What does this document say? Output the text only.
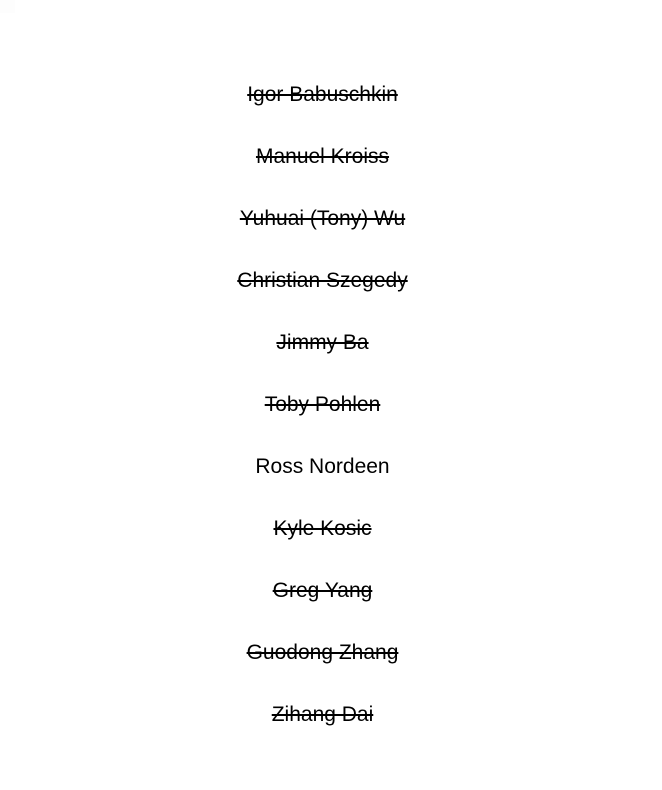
Igor Babuschkin
Manuel Kroiss
Yuhuai (Tony) Wu
Christian Szegedy
Jimmy Ba
Toby Pohlen
Ross Nordeen
Kyle Kosic
Greg Yang
Guodong Zhang
Zihang Dai
